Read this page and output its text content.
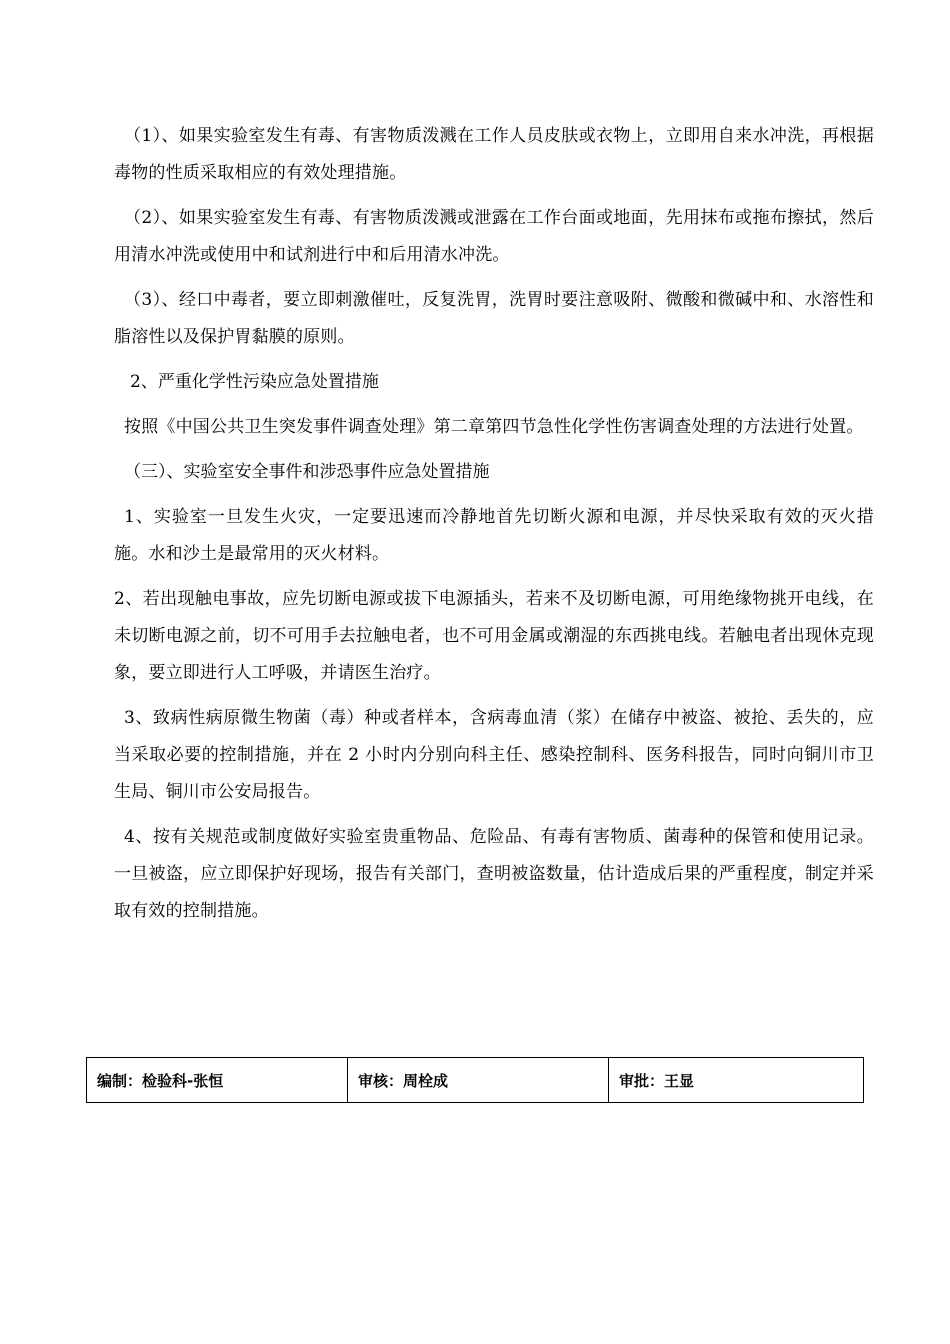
（1）、如果实验室发生有毒、有害物质泼溅在工作人员皮肤或衣物上，立即用自来水冲洗，再根据毒物的性质采取相应的有效处理措施。

（2）、如果实验室发生有毒、有害物质泼溅或泄露在工作台面或地面，先用抹布或拖布擦拭，然后用清水冲洗或使用中和试剂进行中和后用清水冲洗。

（3）、经口中毒者，要立即刺激催吐，反复洗胃，洗胃时要注意吸附、微酸和微碱中和、水溶性和脂溶性以及保护胃黏膜的原则。

2、严重化学性污染应急处置措施

按照《中国公共卫生突发事件调查处理》第二章第四节急性化学性伤害调查处理的方法进行处置。

（三）、实验室安全事件和涉恐事件应急处置措施

1、实验室一旦发生火灾，一定要迅速而冷静地首先切断火源和电源，并尽快采取有效的灭火措施。水和沙土是最常用的灭火材料。

2、若出现触电事故，应先切断电源或拔下电源插头，若来不及切断电源，可用绝缘物挑开电线，在未切断电源之前，切不可用手去拉触电者，也不可用金属或潮湿的东西挑电线。若触电者出现休克现象，要立即进行人工呼吸，并请医生治疗。

3、致病性病原微生物菌（毒）种或者样本，含病毒血清（浆）在储存中被盗、被抢、丢失的，应当采取必要的控制措施，并在 2 小时内分别向科主任、感染控制科、医务科报告，同时向铜川市卫生局、铜川市公安局报告。

4、按有关规范或制度做好实验室贵重物品、危险品、有毒有害物质、菌毒种的保管和使用记录。一旦被盗，应立即保护好现场，报告有关部门，查明被盗数量，估计造成后果的严重程度，制定并采取有效的控制措施。

编制：检验科-张恒	审核：周栓成	审批：王显
